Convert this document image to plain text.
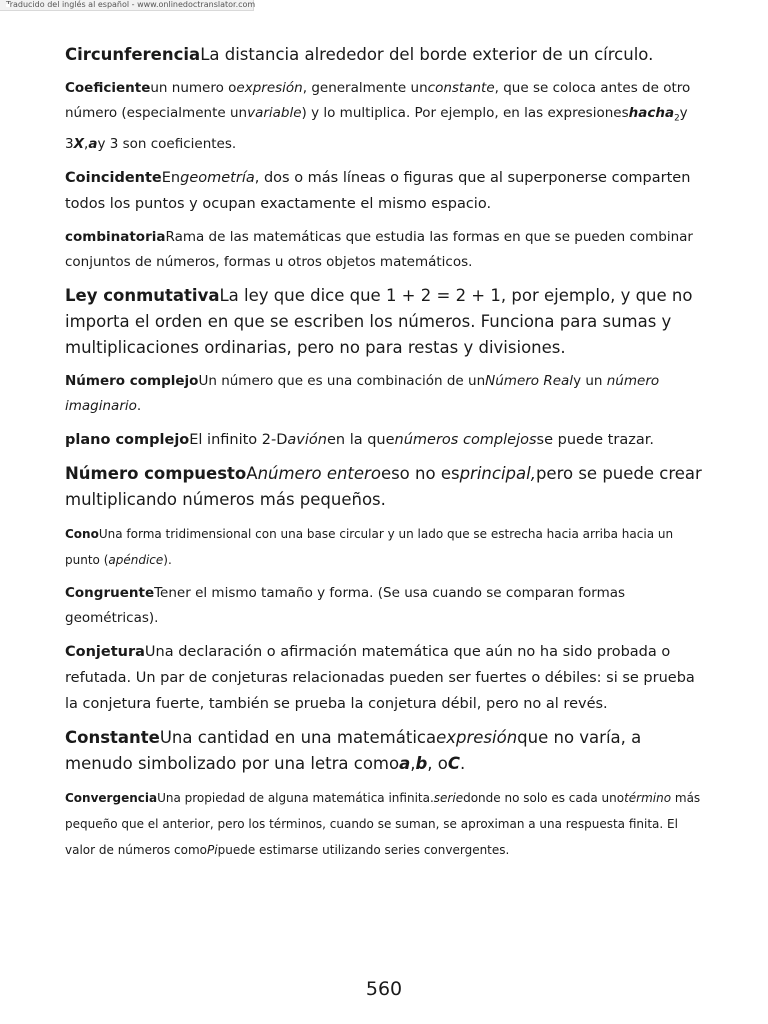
Traducido del inglés al español - www.onlinedoctranslator.com

CircunferenciaLa distancia alrededor del borde exterior de un círculo.

Coeficienteun numero oexpresión, generalmente unconstante, que se coloca antes de otro número (especialmente unvariable) y lo multiplica. Por ejemplo, en las expresioneshacha$_2$y 3X,ay 3 son coeficientes.

CoincidenteEngeometría, dos o más líneas o figuras que al superponerse comparten todos los puntos y ocupan exactamente el mismo espacio.

combinatoriaRama de las matemáticas que estudia las formas en que se pueden combinar conjuntos de números, formas u otros objetos matemáticos.

Ley conmutativaLa ley que dice que 1 + 2 = 2 + 1, por ejemplo, y que no importa el orden en que se escriben los números. Funciona para sumas y multiplicaciones ordinarias, pero no para restas y divisiones.

Número complejoUn número que es una combinación de unNúmero Realy un número imaginario.

plano complejoEl infinito 2-Daviónen la quenúmeros complejosse puede trazar.

Número compuestoAnúmero enteroeso no esprincipal,pero se puede crear multiplicando números más pequeños.

ConoUna forma tridimensional con una base circular y un lado que se estrecha hacia arriba hacia un punto (apéndice).

CongruenteTener el mismo tamaño y forma. (Se usa cuando se comparan formas geométricas).

ConjeturaUna declaración o afirmación matemática que aún no ha sido probada o refutada. Un par de conjeturas relacionadas pueden ser fuertes o débiles: si se prueba la conjetura fuerte, también se prueba la conjetura débil, pero no al revés.

ConstanteUna cantidad en una matemáticaexpresiónque no varía, a menudo simbolizado por una letra comoa,b, oC.

ConvergenciaUna propiedad de alguna matemática infinita.seriedonde no solo es cada unotérmino más pequeño que el anterior, pero los términos, cuando se suman, se aproximan a una respuesta finita. El valor de números comoPipuede estimarse utilizando series convergentes.

560
